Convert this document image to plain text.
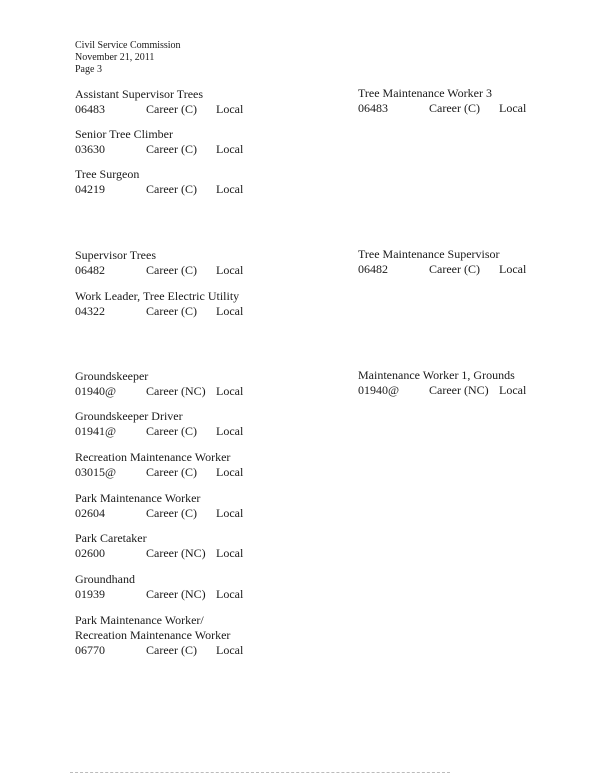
Civil Service Commission
November 21, 2011
Page 3
Assistant Supervisor Trees
06483	Career (C) Local
Senior Tree Climber
03630	Career (C) Local
Tree Surgeon
04219	Career (C) Local
Supervisor Trees
06482	Career (C) Local
Work Leader, Tree Electric Utility
04322	Career (C) Local
Groundskeeper
01940@ Career (NC) Local
Groundskeeper Driver
01941@ Career (C) Local
Recreation Maintenance Worker
03015@ Career (C) Local
Park Maintenance Worker
02604	Career (C) Local
Park Caretaker
02600	Career (NC) Local
Groundhand
01939	Career (NC) Local
Park Maintenance Worker/
Recreation Maintenance Worker
06770	Career (C) Local
Tree Maintenance Worker 3
06483	Career (C) Local
Tree Maintenance Supervisor
06482	Career (C) Local
Maintenance Worker 1, Grounds
01940@ Career (NC) Local
